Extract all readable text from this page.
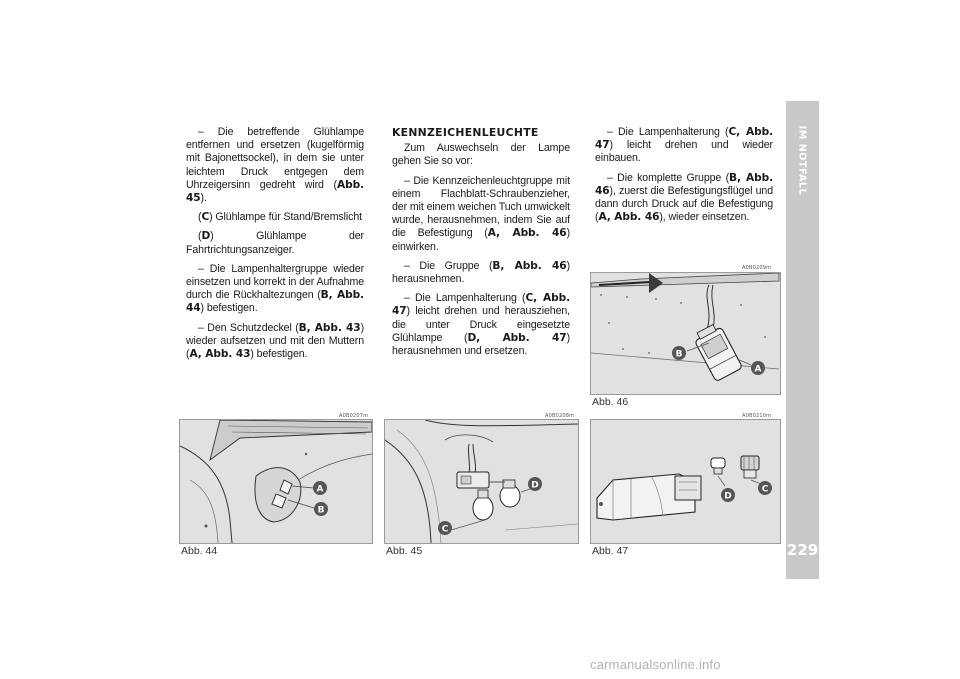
– Die betreffende Glühlampe entfernen und ersetzen (kugelförmig mit Bajonettsockel), in dem sie unter leichtem Druck entgegen dem Uhrzeigersinn gedreht wird (Abb. 45).

(C) Glühlampe für Stand/Bremslicht

(D) Glühlampe der Fahrtrichtungsanzeiger.

– Die Lampenhaltergruppe wieder einsetzen und korrekt in der Aufnahme durch die Rückhaltezungen (B, Abb. 44) befestigen.

– Den Schutzdeckel (B, Abb. 43) wieder aufsetzen und mit den Muttern (A, Abb. 43) befestigen.

KENNZEICHENLEUCHTE

Zum Auswechseln der Lampe gehen Sie so vor:

– Die Kennzeichenleuchtgruppe mit einem Flachblatt-Schraubenzieher, der mit einem weichen Tuch umwickelt wurde, herausnehmen, indem Sie auf die Befestigung (A, Abb. 46) einwirken.

– Die Gruppe (B, Abb. 46) herausnehmen.

– Die Lampenhalterung (C, Abb. 47) leicht drehen und herausziehen, die unter Druck eingesetzte Glühlampe (D, Abb. 47) herausnehmen und ersetzen.

– Die Lampenhalterung (C, Abb. 47) leicht drehen und wieder einbauen.

– Die komplette Gruppe (B, Abb. 46), zuerst die Befestigungsflügel und dann durch Druck auf die Befestigung (A, Abb. 46), wieder einsetzen.

IM NOTFALL
229
A0B0209m
B
A
Abb. 46
A0B0207m
A
B
Abb. 44
A0B0208m
D
C
Abb. 45
A0B0210m
D
C
Abb. 47
carmanualsonline.info
